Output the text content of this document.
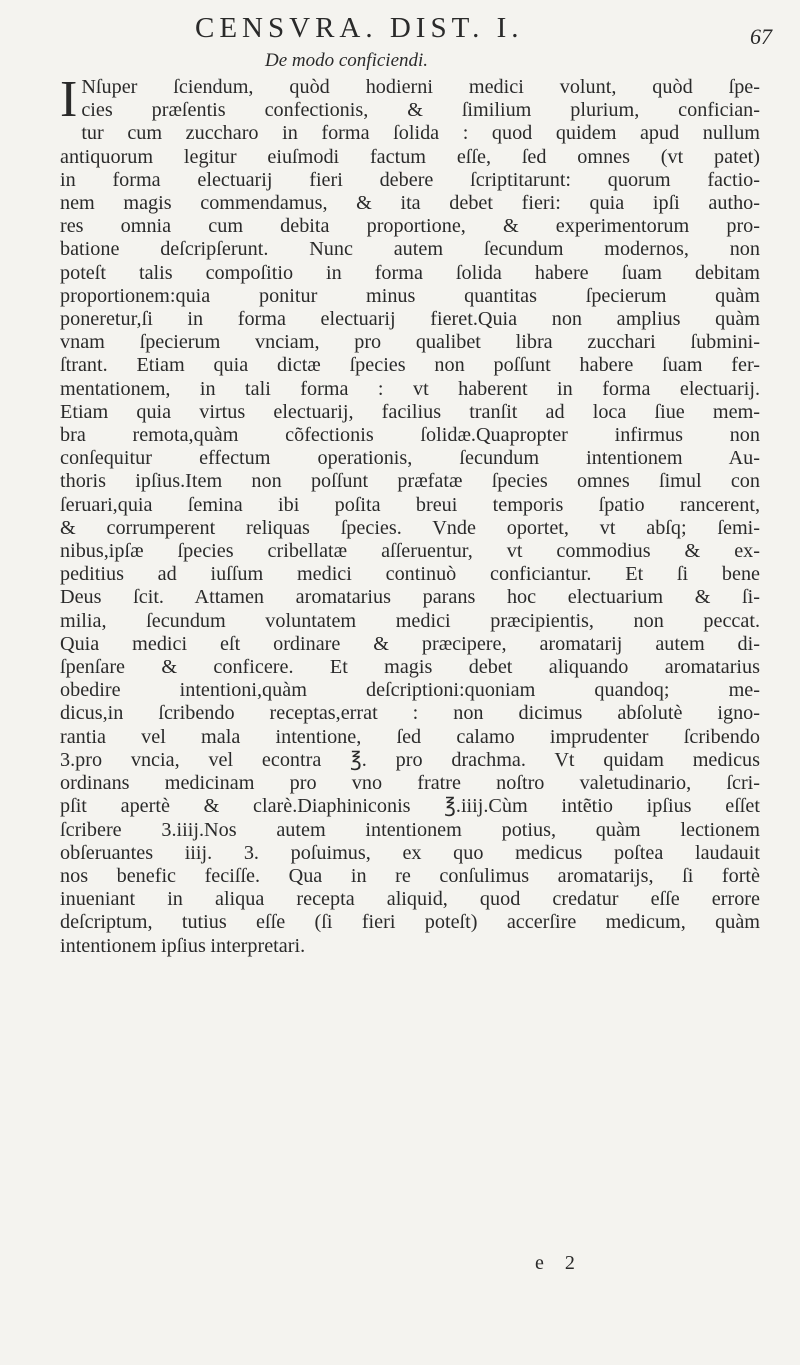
CENSVRA. DIST. I.	67
De modo conficiendi.
I Nſuper ſciendum, quòd hodierni medici volunt, quòd ſpe-
cies præſentis confectionis, & ſimilium plurium, confician-
tur cum zuccharo in forma ſolida : quod quidem apud nullum
antiquorum legitur eiuſmodi factum eſſe, ſed omnes (vt patet)
in forma electuarij fieri debere ſcriptitarunt: quorum factio-
nem magis commendamus, & ita debet fieri: quia ipſi autho-
res omnia cum debita proportione, & experimentorum pro-
batione deſcripſerunt. Nunc autem ſecundum modernos, non
poteſt talis compoſitio in forma ſolida habere ſuam debitam
proportionem:quia ponitur minus quantitas ſpecierum quàm
poneretur,ſi in forma electuarij fieret.Quia non amplius quàm
vnam ſpecierum vnciam, pro qualibet libra zucchari ſubmini-
ſtrant. Etiam quia dictæ ſpecies non poſſunt habere ſuam fer-
mentationem, in tali forma : vt haberent in forma electuarij.
Etiam quia virtus electuarij, facilius tranſit ad loca ſiue mem-
bra remota,quàm cõfectionis ſolidæ.Quapropter infirmus non
conſequitur effectum operationis, ſecundum intentionem Au-
thoris ipſius.Item non poſſunt præfatæ ſpecies omnes ſimul con
ſeruari,quia ſemina ibi poſita breui temporis ſpatio rancerent,
& corrumperent reliquas ſpecies. Vnde oportet, vt abſq; ſemi-
nibus,ipſæ ſpecies cribellatæ aſſeruentur, vt commodius & ex-
peditius ad iuſſum medici continuò conficiantur. Et ſi bene
Deus ſcit. Attamen aromatarius parans hoc electuarium & ſi-
milia, ſecundum voluntatem medici præcipientis, non peccat.
Quia medici eſt ordinare & præcipere, aromatarij autem di-
ſpenſare & conficere. Et magis debet aliquando aromatarius
obedire intentioni,quàm deſcriptioni:quoniam quandoq; me-
dicus,in ſcribendo receptas,errat : non dicimus abſolutè igno-
rantia vel mala intentione, ſed calamo imprudenter ſcribendo
3.pro vncia, vel econtra ℥. pro drachma. Vt quidam medicus
ordinans medicinam pro vno fratre noſtro valetudinario, ſcri-
pſit apertè & clarè.Diaphiniconis ℥.iiij.Cùm intẽtio ipſius eſſet
ſcribere 3.iiij.Nos autem intentionem potius, quàm lectionem
obſeruantes iiij. 3. poſuimus, ex quo medicus poſtea laudauit
nos benefic feciſſe. Qua in re conſulimus aromatarijs, ſi fortè
inueniant in aliqua recepta aliquid, quod credatur eſſe errore
deſcriptum, tutius eſſe (ſi fieri poteſt) accerſire medicum, quàm
intentionem ipſius interpretari.
e 2
